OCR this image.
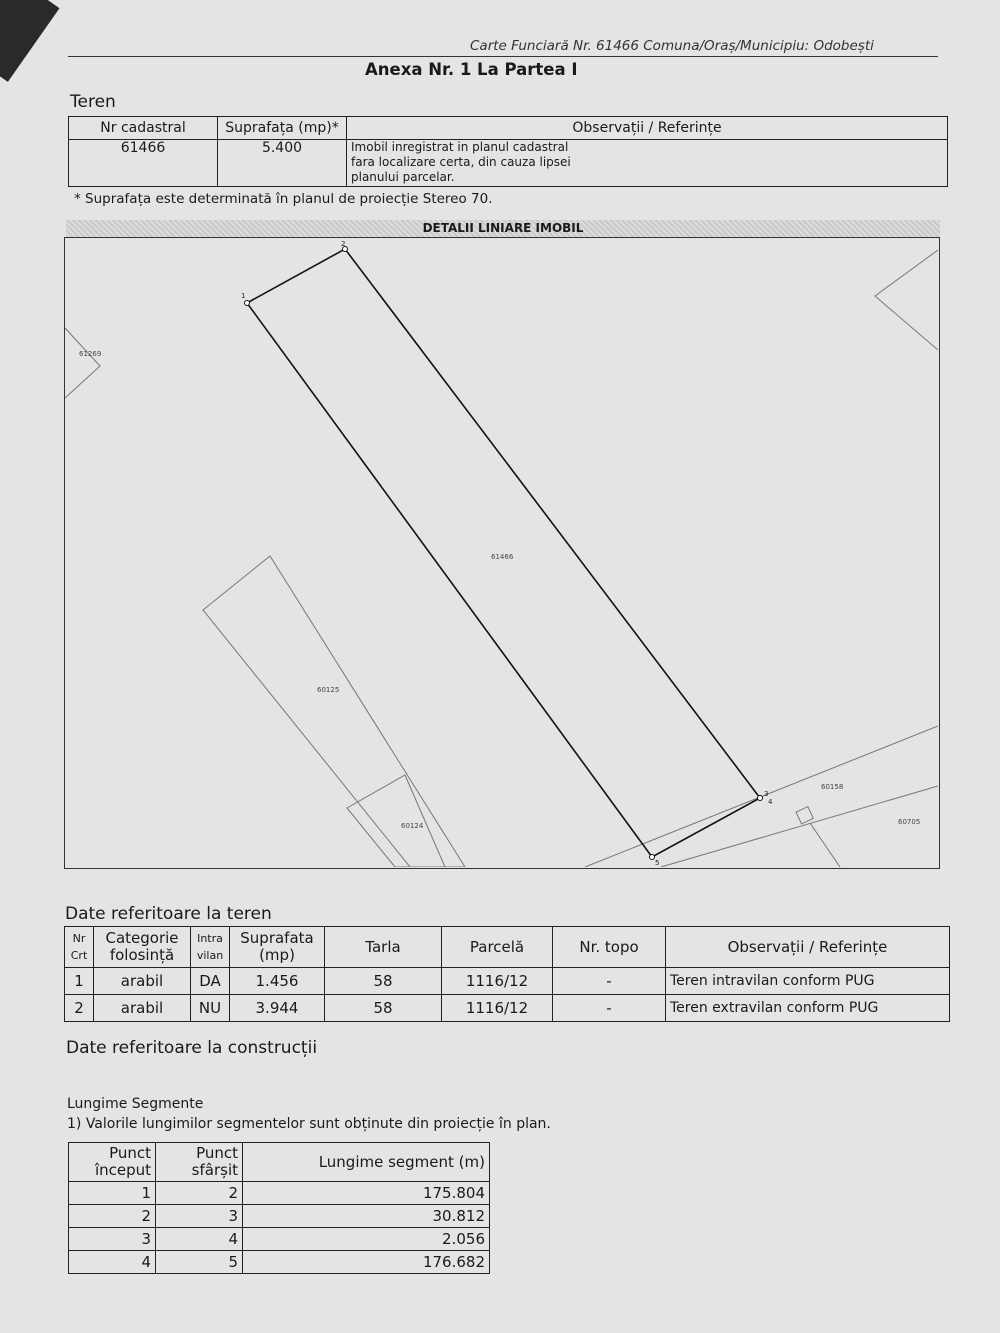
Carte Funciară Nr. 61466 Comuna/Oraș/Municipiu: Odobești
Anexa Nr. 1 La Partea I
Teren
Nr cadastral	Suprafața (mp)*	Observații / Referințe
61466	5.400	Imobil inregistrat in planul cadastral
fara localizare certa, din cauza lipsei
planului parcelar.
* Suprafața este determinată în planul de proiecție Stereo 70.
DETALII LINIARE IMOBIL
61269
60125
60124
60158
60705
61466
1
2
3
4
5
Date referitoare la teren
Nr Crt	Categorie folosință	Intra vilan	Suprafata (mp)	Tarla	Parcelă	Nr. topo	Observații / Referințe
1	arabil	DA	1.456	58	1116/12	-	Teren intravilan conform PUG
2	arabil	NU	3.944	58	1116/12	-	Teren extravilan conform PUG
Date referitoare la construcții
Lungime Segmente
1) Valorile lungimilor segmentelor sunt obținute din proiecție în plan.
Punct început	Punct sfârșit	Lungime segment (m)
1	2	175.804
2	3	30.812
3	4	2.056
4	5	176.682
